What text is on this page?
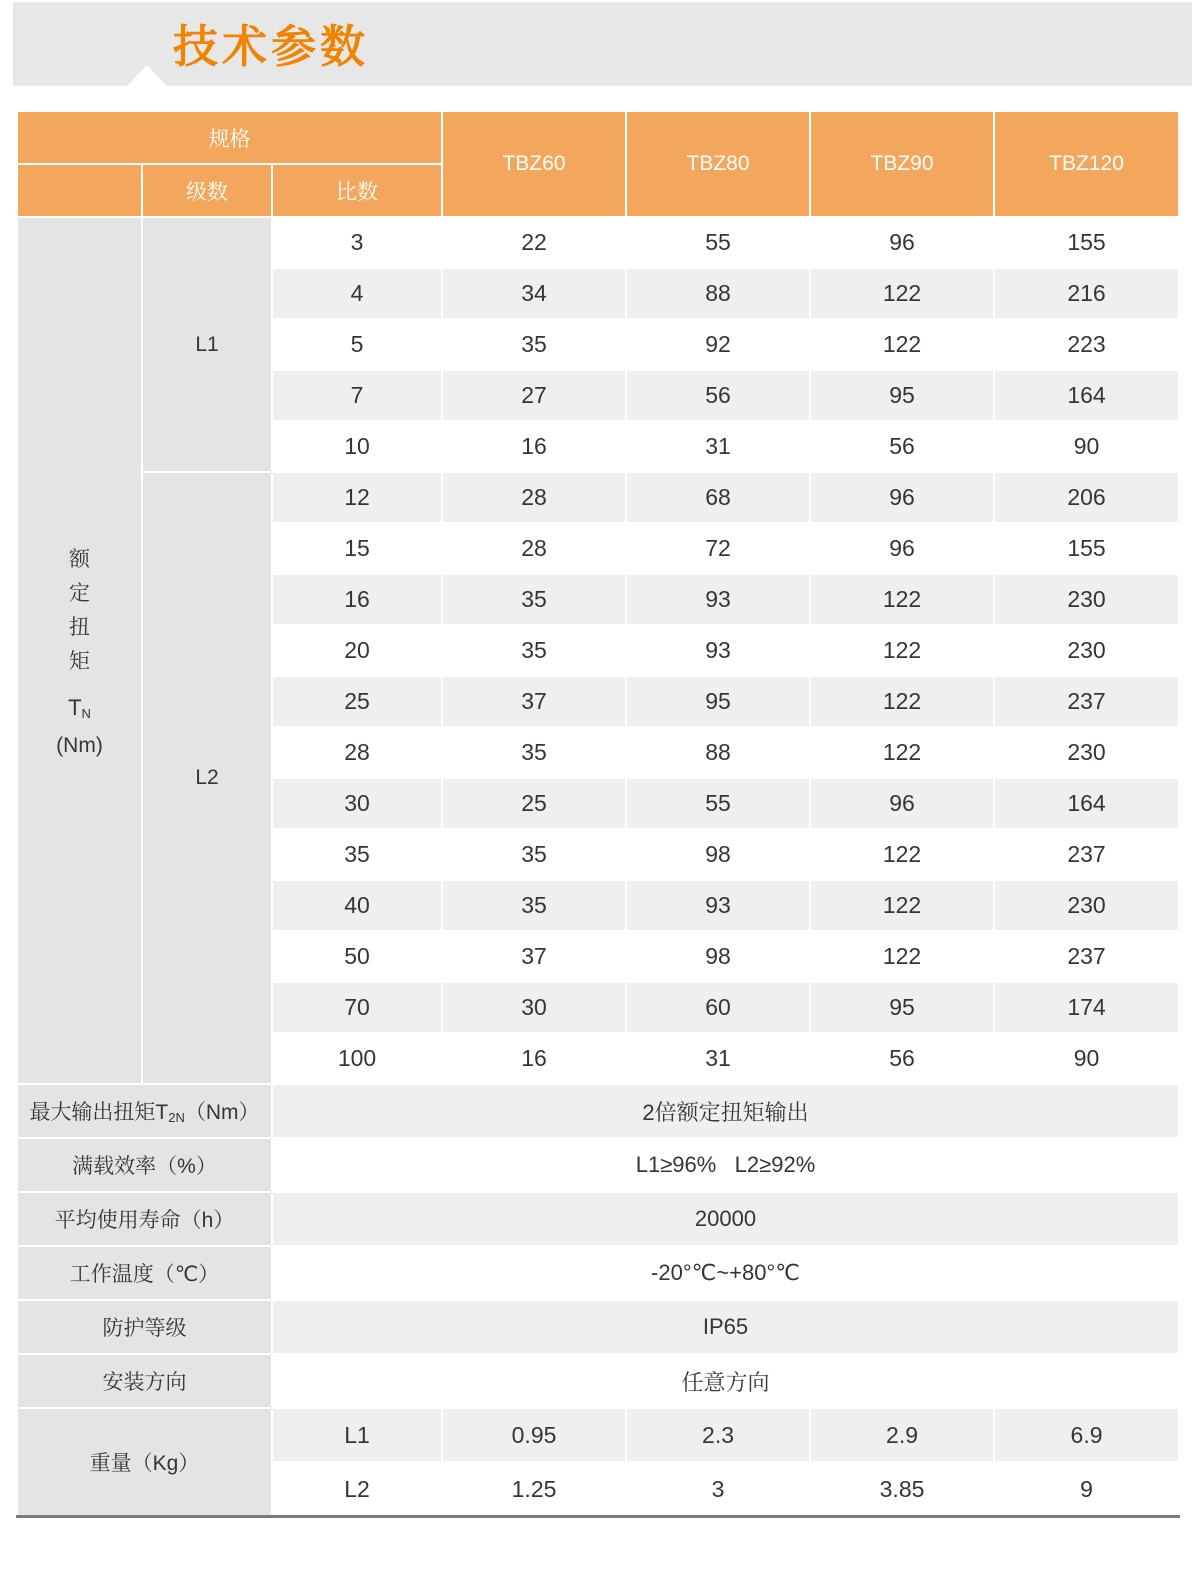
技术参数
规格			TBZ60	TBZ80	TBZ90	TBZ120
	级数	比数				

额定扭矩
$T_N$
(Nm)	L1	3	22	55	96	155
		4	34	88	122	216
		5	35	92	122	223
		7	27	56	95	164
		10	16	31	56	90
	L2	12	28	68	96	206
		15	28	72	96	155
		16	35	93	122	230
		20	35	93	122	230
		25	37	95	122	237
		28	35	88	122	230
		30	25	55	96	164
		35	35	98	122	237
		40	35	93	122	230
		50	37	98	122	237
		70	30	60	95	174
		100	16	31	56	90
最大输出扭矩$T_{2N}(Nm)$		2倍额定扭矩输出				
满载效率（%）		L1≥96%   L2≥92%				
平均使用寿命（h）		20000				
工作温度（℃）		-20°℃~+80°℃				
防护等级		IP65				
安装方向		任意方向				
重量（Kg）		L1	0.95	2.3	2.9	6.9
		L2	1.25	3	3.85	9
